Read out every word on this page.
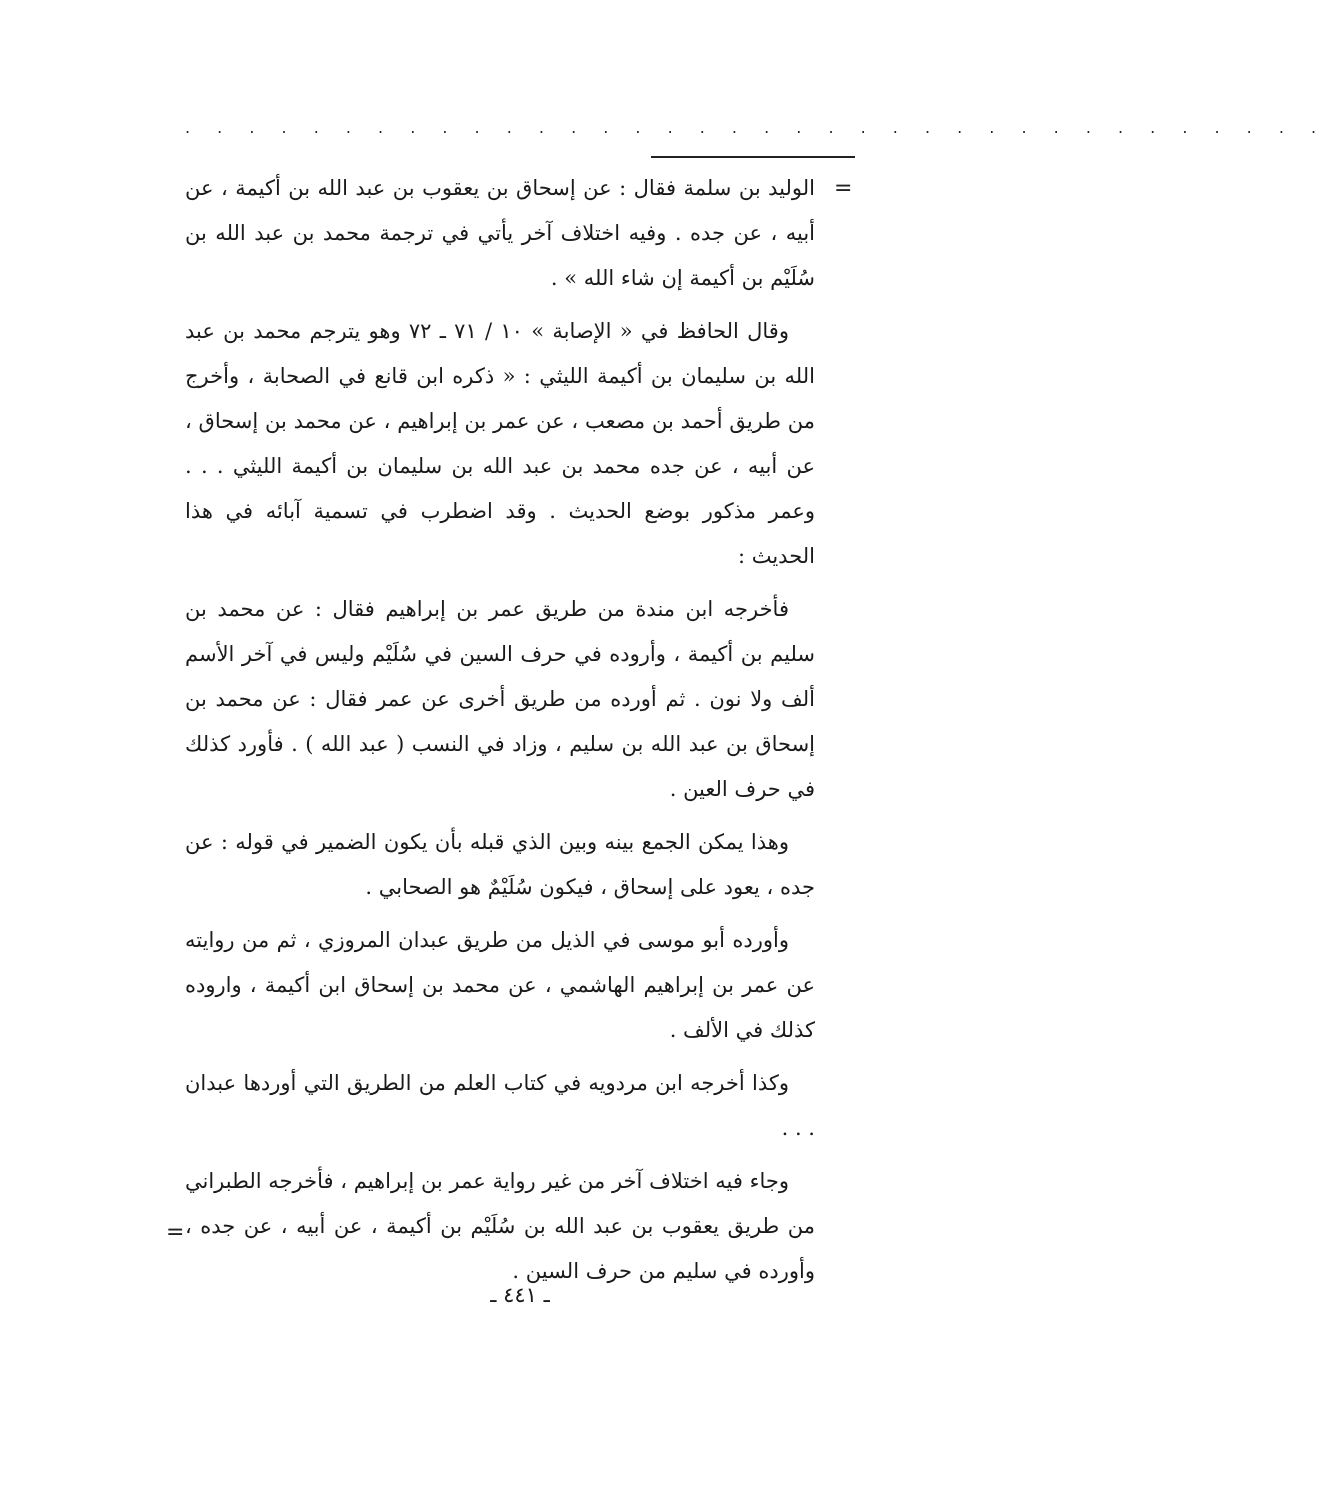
. . . . . . . . . . . . . . . . . . . . . . . . . . . . . . . . . . . .
=

الوليد بن سلمة فقال : عن إسحاق بن يعقوب بن عبد الله بن أكيمة ، عن أبيه ، عن جده . وفيه اختلاف آخر يأتي في ترجمة محمد بن عبد الله بن سُلَيْم بن أكيمة إن شاء الله » .

وقال الحافظ في « الإصابة » ١٠ / ٧١ ـ ٧٢ وهو يترجم محمد بن عبد الله بن سليمان بن أكيمة الليثي : « ذكره ابن قانع في الصحابة ، وأخرج من طريق أحمد بن مصعب ، عن عمر بن إبراهيم ، عن محمد بن إسحاق ، عن أبيه ، عن جده محمد بن عبد الله بن سليمان بن أكيمة الليثي . . . وعمر مذكور بوضع الحديث . وقد اضطرب في تسمية آبائه في هذا الحديث :

فأخرجه ابن مندة من طريق عمر بن إبراهيم فقال : عن محمد بن سليم بن أكيمة ، وأروده في حرف السين في سُلَيْم وليس في آخر الأسم ألف ولا نون . ثم أورده من طريق أخرى عن عمر فقال : عن محمد بن إسحاق بن عبد الله بن سليم ، وزاد في النسب ( عبد الله ) . فأورد كذلك في حرف العين .

وهذا يمكن الجمع بينه وبين الذي قبله بأن يكون الضمير في قوله : عن جده ، يعود على إسحاق ، فيكون سُلَيْمٌ هو الصحابي .

وأورده أبو موسى في الذيل من طريق عبدان المروزي ، ثم من روايته عن عمر بن إبراهيم الهاشمي ، عن محمد بن إسحاق ابن أكيمة ، واروده كذلك في الألف .

وكذا أخرجه ابن مردويه في كتاب العلم من الطريق التي أوردها عبدان . . .

وجاء فيه اختلاف آخر من غير رواية عمر بن إبراهيم ، فأخرجه الطبراني من طريق يعقوب بن عبد الله بن سُلَيْم بن أكيمة ، عن أبيه ، عن جده ، وأورده في سليم من حرف السين .

=
ـ ٤٤١ ـ
